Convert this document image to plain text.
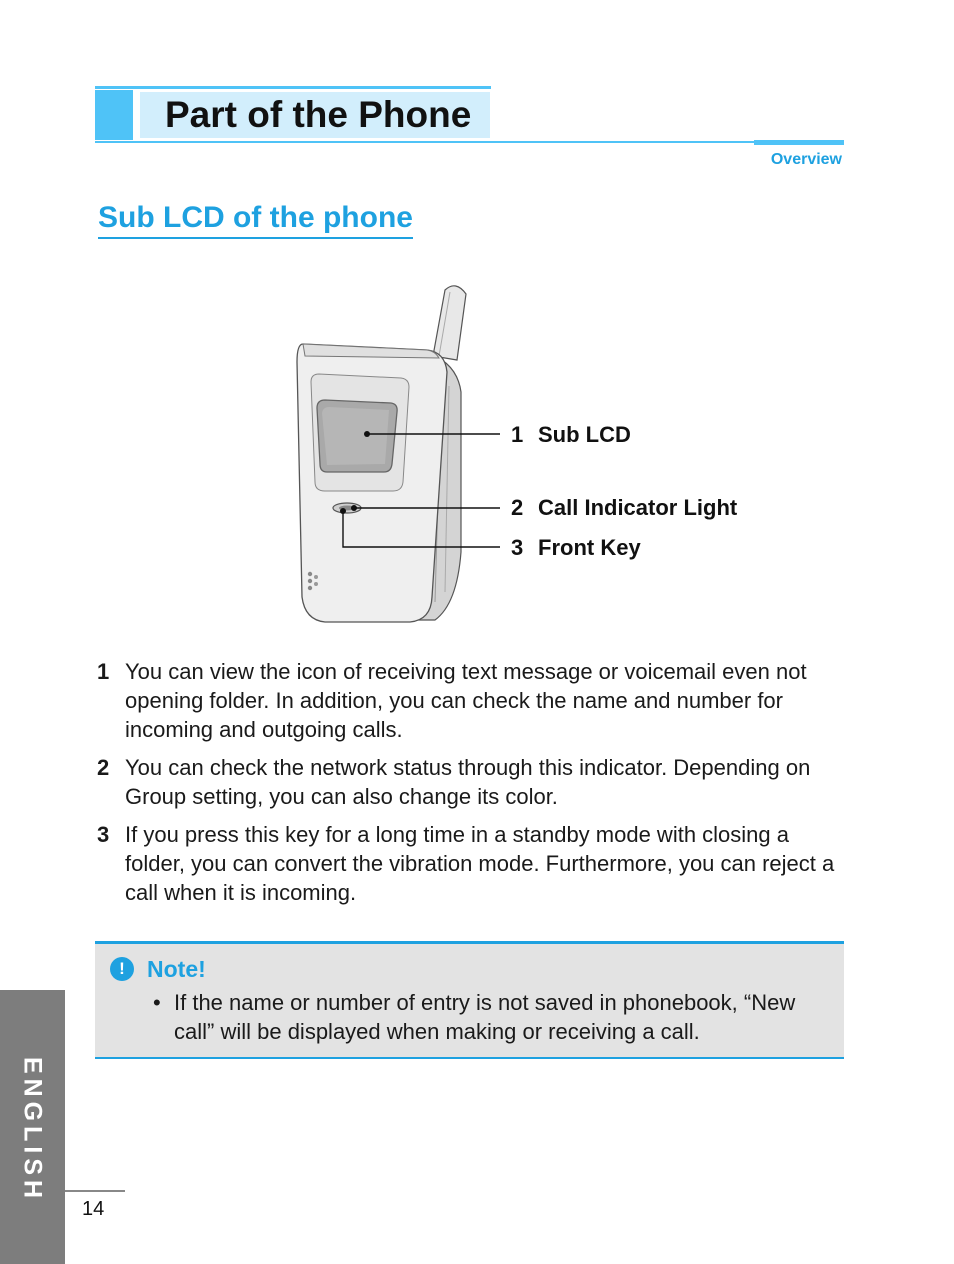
Part of the Phone
Overview
Sub LCD of the phone
1 Sub LCD
2 Call Indicator Light
3 Front Key
1 You can view the icon of receiving text message or voicemail even not opening folder. In addition, you can check the name and number for incoming and outgoing calls.
2 You can check the network status through this indicator. Depending on Group setting, you can also change its color.
3 If you press this key for a long time in a standby mode with closing a folder, you can convert the vibration mode. Furthermore, you can reject a call when it is incoming.
! Note!
• If the name or number of entry is not saved in phonebook, “New call” will be displayed when making or receiving a call.
ENGLISH
14
